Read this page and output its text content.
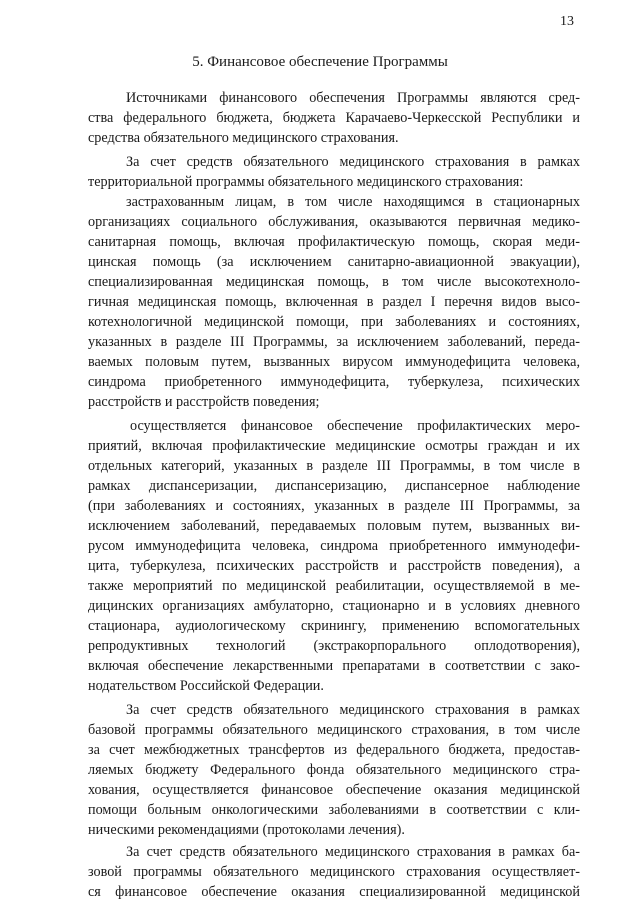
13
5. Финансовое обеспечение Программы
Источниками финансового обеспечения Программы являются сред-
ства федерального бюджета, бюджета Карачаево-Черкесской Республики и
средства обязательного медицинского страхования.
За счет средств обязательного медицинского страхования в рамках
территориальной программы обязательного медицинского страхования:
застрахованным лицам, в том числе находящимся в стационарных
организациях социального обслуживания, оказываются первичная медико-
санитарная помощь, включая профилактическую помощь, скорая меди-
цинская помощь (за исключением санитарно-авиационной эвакуации),
специализированная медицинская помощь, в том числе высокотехноло-
гичная медицинская помощь, включенная в раздел I перечня видов высо-
котехнологичной медицинской помощи, при заболеваниях и состояниях,
указанных в разделе III Программы, за исключением заболеваний, переда-
ваемых половым путем, вызванных вирусом иммунодефицита человека,
синдрома приобретенного иммунодефицита, туберкулеза, психических
расстройств и расстройств поведения;
осуществляется финансовое обеспечение профилактических меро-
приятий, включая профилактические медицинские осмотры граждан и их
отдельных категорий, указанных в разделе III Программы, в том числе в
рамках диспансеризации, диспансеризацию, диспансерное наблюдение
(при заболеваниях и состояниях, указанных в разделе III Программы, за
исключением заболеваний, передаваемых половым путем, вызванных ви-
русом иммунодефицита человека, синдрома приобретенного иммунодефи-
цита, туберкулеза, психических расстройств и расстройств поведения), а
также мероприятий по медицинской реабилитации, осуществляемой в ме-
дицинских организациях амбулаторно, стационарно и в условиях дневного
стационара, аудиологическому скринингу, применению вспомогательных
репродуктивных технологий (экстракорпорального оплодотворения),
включая обеспечение лекарственными препаратами в соответствии с зако-
нодательством Российской Федерации.
За счет средств обязательного медицинского страхования в рамках
базовой программы обязательного медицинского страхования, в том числе
за счет межбюджетных трансфертов из федерального бюджета, предостав-
ляемых бюджету Федерального фонда обязательного медицинского стра-
хования, осуществляется финансовое обеспечение оказания медицинской
помощи больным онкологическими заболеваниями в соответствии с кли-
ническими рекомендациями (протоколами лечения).
За счет средств обязательного медицинского страхования в рамках ба-
зовой программы обязательного медицинского страхования осуществляет-
ся финансовое обеспечение оказания специализированной медицинской
